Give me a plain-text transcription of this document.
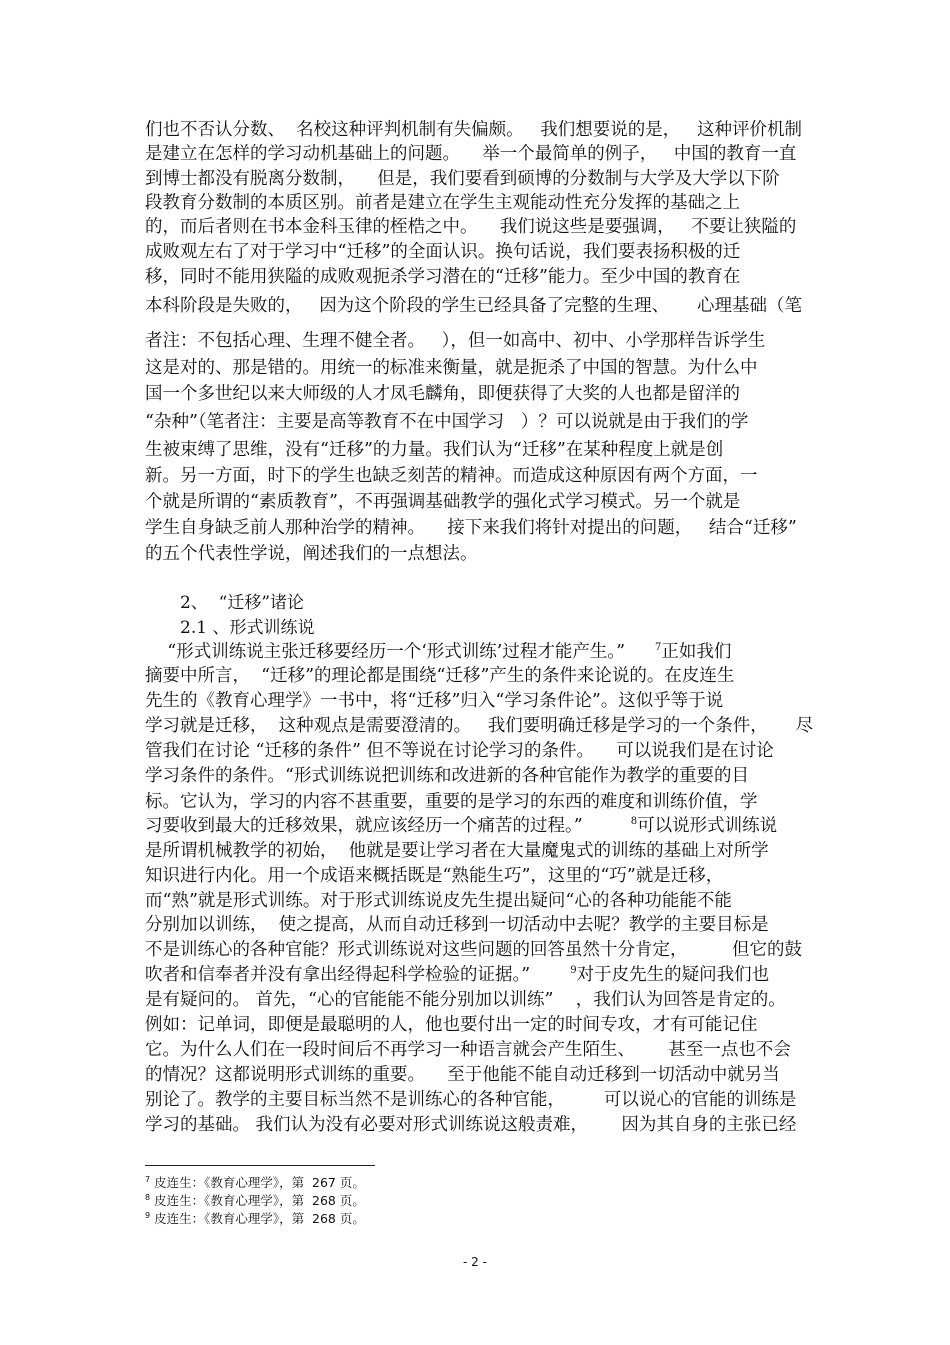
们也不否认分数、  名校这种评判机制有失偏颇。   我们想要说的是，   这种评价机制
是建立在怎样的学习动机基础上的问题。    举一个最简单的例子，   中国的教育一直
到博士都没有脱离分数制，    但是，我们要看到硕博的分数制与大学及大学以下阶
段教育分数制的本质区别。前者是建立在学生主观能动性充分发挥的基础之上
的，而后者则在书本金科玉律的桎梏之中。    我们说这些是要强调，   不要让狭隘的
成败观左右了对于学习中“迁移”的全面认识。换句话说，我们要表扬积极的迁
移，同时不能用狭隘的成败观扼杀学习潜在的“迁移”能力。至少中国的教育在
本科阶段是失败的，   因为这个阶段的学生已经具备了完整的生理、     心理基础（笔
者注：不包括心理、生理不健全者。   ），但一如高中、初中、小学那样告诉学生
这是对的、那是错的。用统一的标准来衡量，就是扼杀了中国的智慧。为什么中
国一个多世纪以来大师级的人才凤毛麟角，即便获得了大奖的人也都是留洋的
“杂种”（笔者注：主要是高等教育不在中国学习   ）？可以说就是由于我们的学
生被束缚了思维，没有“迁移”的力量。我们认为“迁移”在某种程度上就是创
新。另一方面，时下的学生也缺乏刻苦的精神。而造成这种原因有两个方面，一
个就是所谓的“素质教育”，不再强调基础教学的强化式学习模式。另一个就是
学生自身缺乏前人那种治学的精神。    接下来我们将针对提出的问题，   结合“迁移”
的五个代表性学说，阐述我们的一点想法。
2、  “迁移”诸论
2.1 、形式训练说
“形式训练说主张迁移要经历一个‘形式训练’过程才能产生。”	$^7$正如我们
摘要中所言，  “迁移”的理论都是围绕“迁移”产生的条件来论说的。在皮连生
先生的《教育心理学》一书中，将“迁移”归入“学习条件论”。这似乎等于说
学习就是迁移，  这种观点是需要澄清的。   我们要明确迁移是学习的一个条件，     尽
管我们在讨论 “迁移的条件” 但不等说在讨论学习的条件。    可以说我们是在讨论
学习条件的条件。“形式训练说把训练和改进新的各种官能作为教学的重要的目
标。它认为，学习的内容不甚重要，重要的是学习的东西的难度和训练价值，学
习要收到最大的迁移效果，就应该经历一个痛苦的过程。”	$^8$可以说形式训练说
是所谓机械教学的初始，  他就是要让学习者在大量魔鬼式的训练的基础上对所学
知识进行内化。用一个成语来概括既是“熟能生巧”，这里的“巧”就是迁移，
而“熟”就是形式训练。对于形式训练说皮先生提出疑问“心的各种功能能不能
分别加以训练，  使之提高，从而自动迁移到一切活动中去呢？教学的主要目标是
不是训练心的各种官能？形式训练说对这些问题的回答虽然十分肯定，        但它的鼓
吹者和信奉者并没有拿出经得起科学检验的证据。”	$^9$对于皮先生的疑问我们也
是有疑问的。 首先，“心的官能能不能分别加以训练”    ，我们认为回答是肯定的。
例如：记单词，即便是最聪明的人，他也要付出一定的时间专攻，才有可能记住
它。为什么人们在一段时间后不再学习一种语言就会产生陌生、      甚至一点也不会
的情况？这都说明形式训练的重要。    至于他能不能自动迁移到一切活动中就另当
别论了。教学的主要目标当然不是训练心的各种官能，       可以说心的官能的训练是
学习的基础。 我们认为没有必要对形式训练说这般责难，      因为其自身的主张已经
$^7$ 皮连生：《教育心理学》，第  267 页。
$^8$ 皮连生：《教育心理学》，第  268 页。
$^9$ 皮连生：《教育心理学》，第  268 页。
- 2 -
